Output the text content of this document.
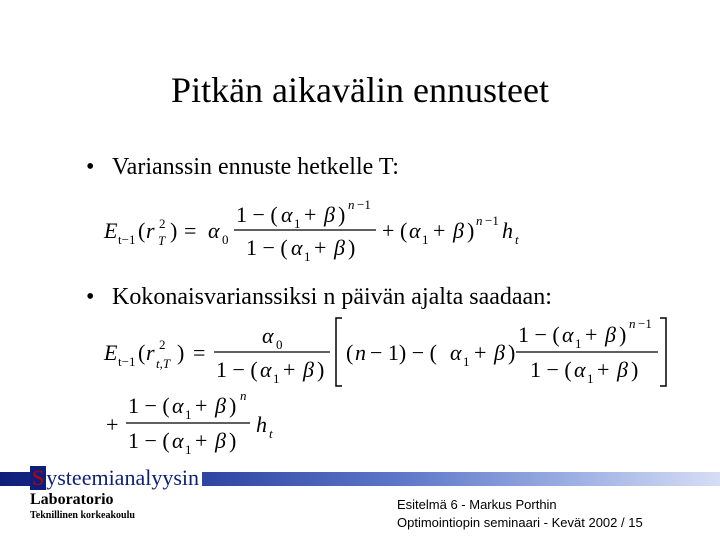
Pitkän aikavälin ennusteet
• Varianssin ennuste hetkelle T:
E t−1 ( r 2
T ) = α 0
1 − ( α 1 + β ) n −1
1 − ( α 1 + β )
+ ( α 1 + β ) n −1 h t
• Kokonaisvarianssiksi n päivän ajalta saadaan:
E t−1 ( r 2
t,T ) =
α 0
1 − ( α 1 + β )
( n − 1) − ( α 1 + β )
1 − ( α 1 + β ) n −1
1 − ( α 1 + β )
+
1 − ( α 1 + β ) n
1 − ( α 1 + β )
h t
Systeemianalyysin
Laboratorio
Teknillinen korkeakoulu
Esitelmä 6 - Markus Porthin
Optimointiopin seminaari - Kevät 2002 / 15
